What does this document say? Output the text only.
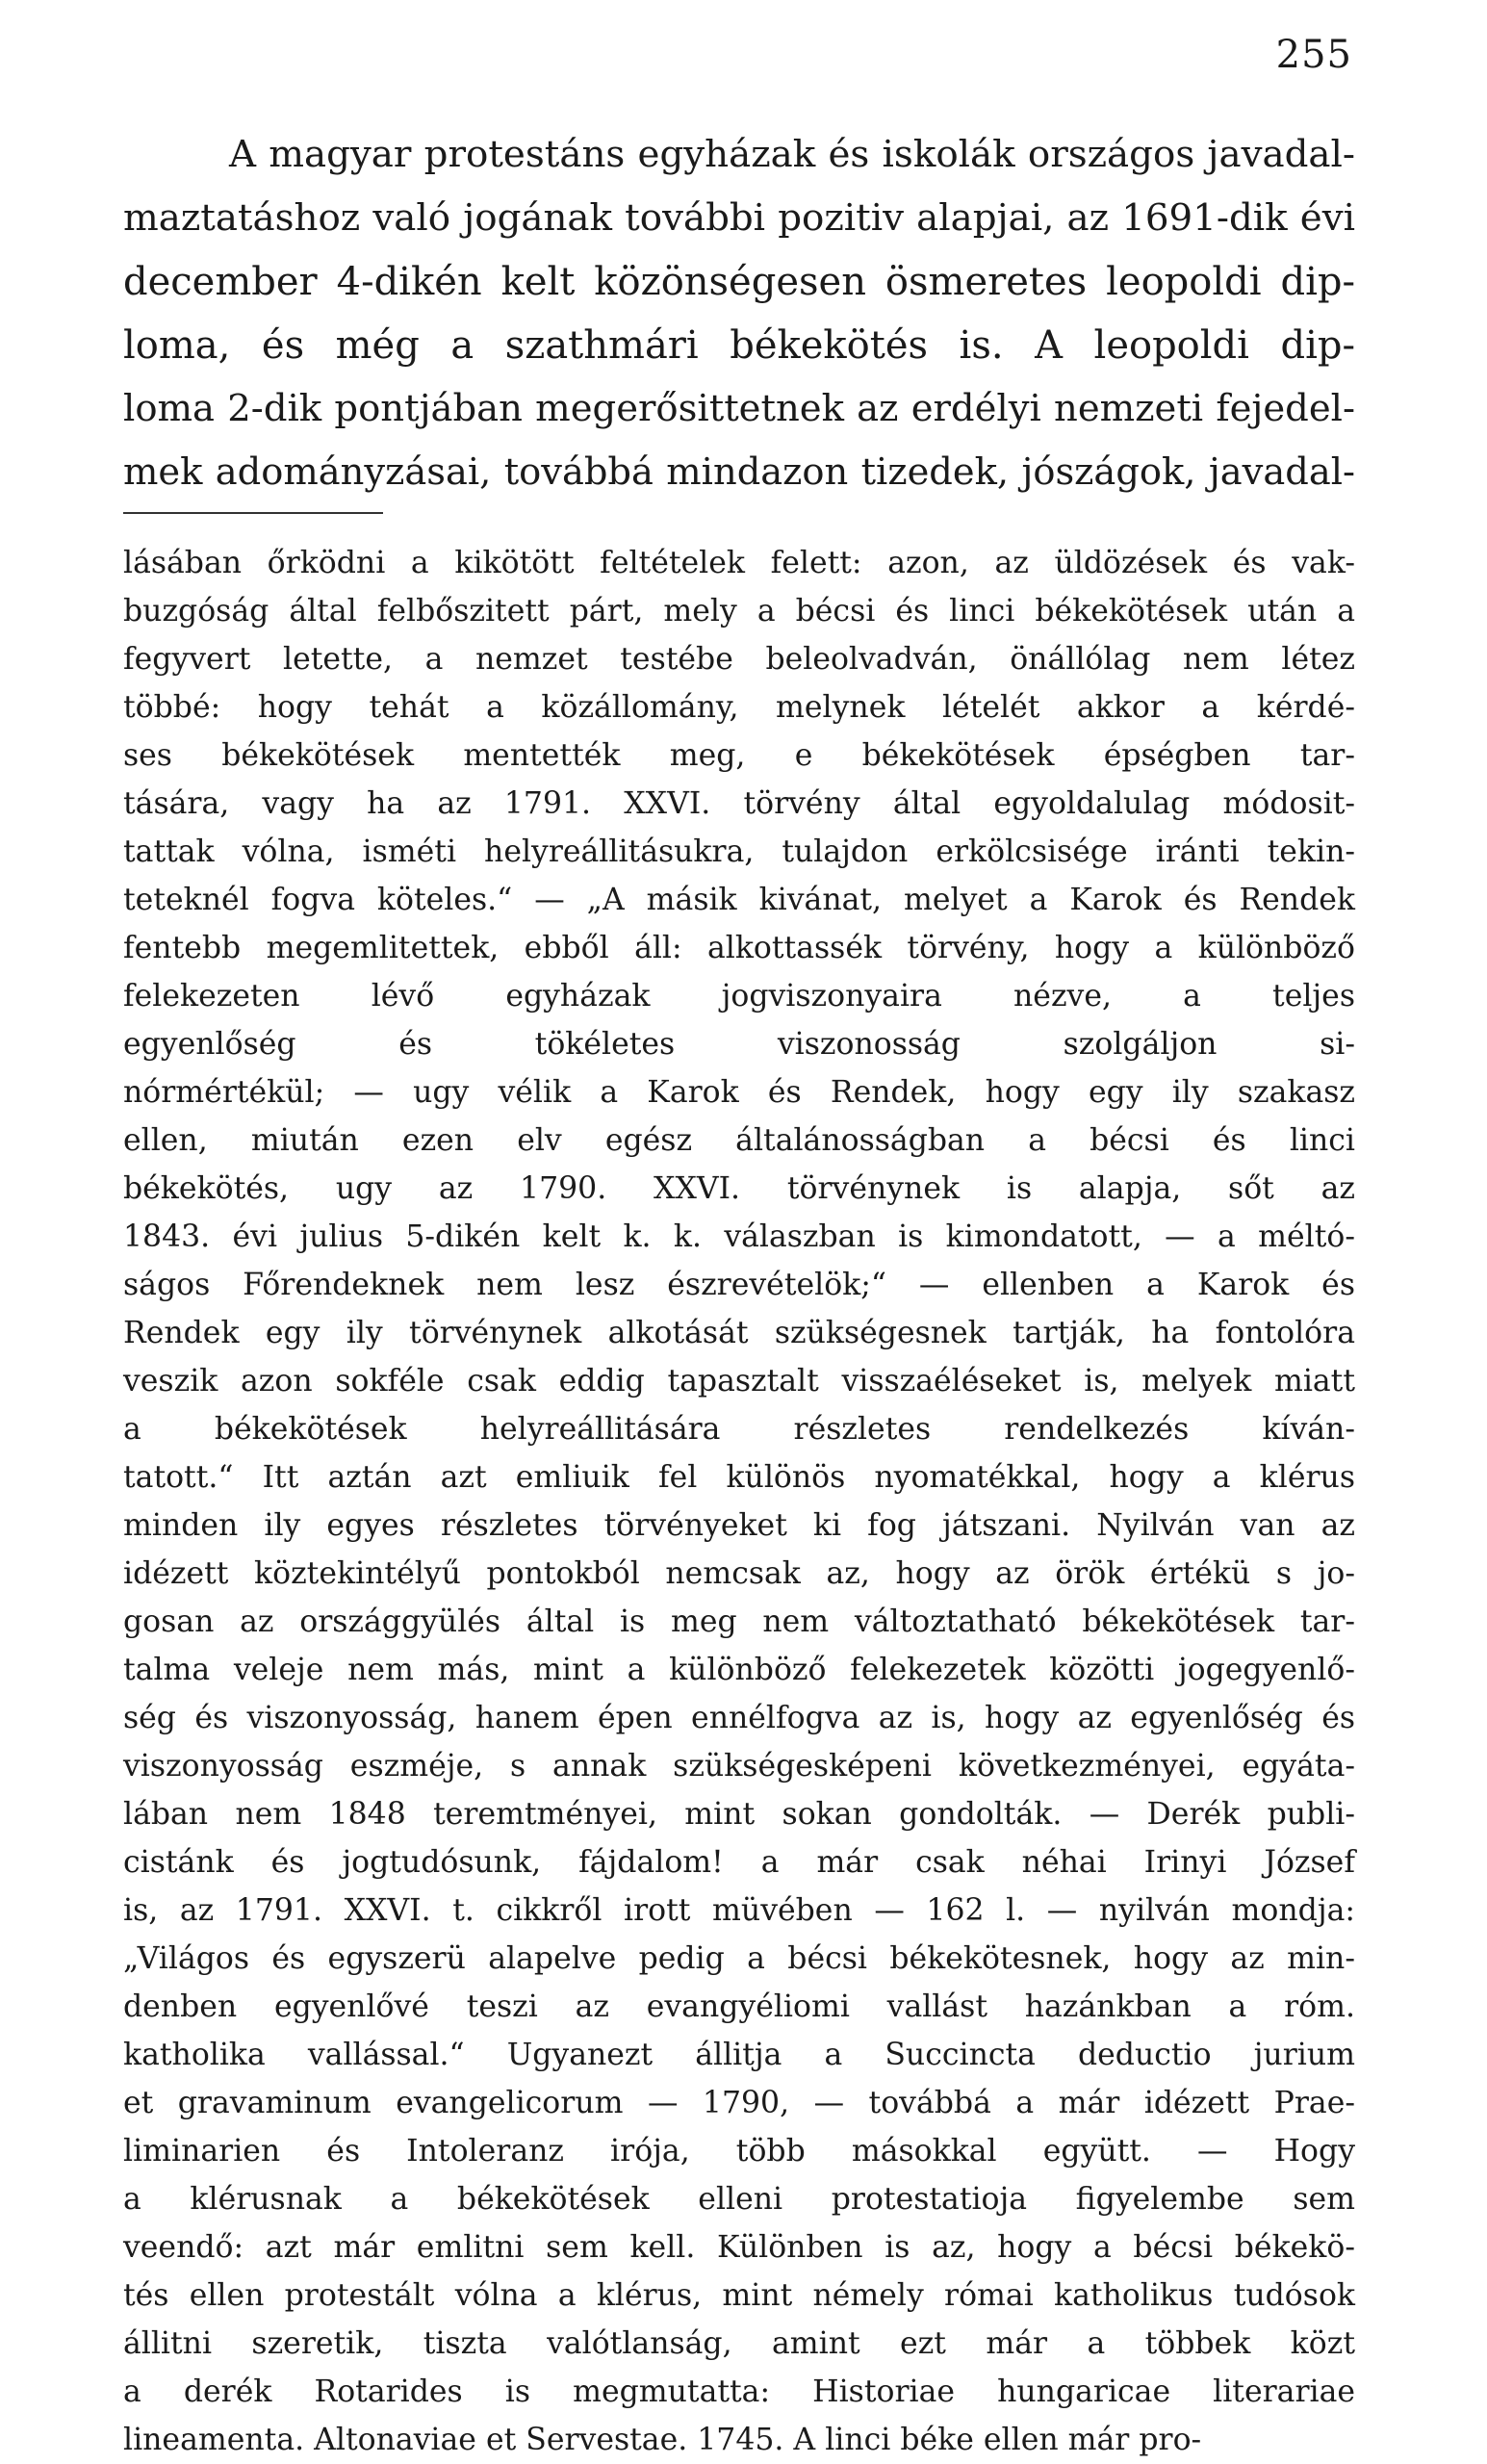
255
A magyar protestáns egyházak és iskolák országos javadal-
maztatáshoz való jogának további pozitiv alapjai, az 1691-dik évi
december 4-dikén kelt közönségesen ösmeretes leopoldi dip-
loma, és még a szathmári békekötés is. A leopoldi dip-
loma 2-dik pontjában megerősittetnek az erdélyi nemzeti fejedel-
mek adományzásai, továbbá mindazon tizedek, jószágok, javadal-
lásában őrködni a kikötött feltételek felett: azon, az üldözések és vak-
buzgóság által felbőszitett párt, mely a bécsi és linci békekötések után a
fegyvert letette, a nemzet testébe beleolvadván, önállólag nem létez
többé: hogy tehát a közállomány, melynek lételét akkor a kérdé-
ses békekötések mentették meg, e békekötések épségben tar-
tására, vagy ha az 1791. XXVI. törvény által egyoldalulag módosit-
tattak vólna, isméti helyreállitásukra, tulajdon erkölcsisége iránti tekin-
teteknél fogva köteles.“ — „A másik kivánat, melyet a Karok és Rendek
fentebb megemlitettek, ebből áll: alkottassék törvény, hogy a különböző
felekezeten lévő egyházak jogviszonyaira nézve, a teljes
egyenlőség és tökéletes viszonosság szolgáljon si-
nórmértékül; — ugy vélik a Karok és Rendek, hogy egy ily szakasz
ellen, miután ezen elv egész általánosságban a bécsi és linci
békekötés, ugy az 1790. XXVI. törvénynek is alapja, sőt az
1843. évi julius 5-dikén kelt k. k. válaszban is kimondatott, — a méltó-
ságos Főrendeknek nem lesz észrevételök;“ — ellenben a Karok és
Rendek egy ily törvénynek alkotását szükségesnek tartják, ha fontolóra
veszik azon sokféle csak eddig tapasztalt visszaéléseket is, melyek miatt
a békekötések helyreállitására részletes rendelkezés kíván-
tatott.“ Itt aztán azt emliuik fel különös nyomatékkal, hogy a klérus
minden ily egyes részletes törvényeket ki fog játszani. Nyilván van az
idézett köztekintélyű pontokból nemcsak az, hogy az örök értékü s jo-
gosan az országgyülés által is meg nem változtatható békekötések tar-
talma veleje nem más, mint a különböző felekezetek közötti jogegyenlő-
ség és viszonyosság, hanem épen ennélfogva az is, hogy az egyenlőség és
viszonyosság eszméje, s annak szükségesképeni következményei, egyáta-
lában nem 1848 teremtményei, mint sokan gondolták. — Derék publi-
cistánk és jogtudósunk, fájdalom! a már csak néhai Irinyi József
is, az 1791. XXVI. t. cikkről irott müvében — 162 l. — nyilván mondja:
„Világos és egyszerü alapelve pedig a bécsi békekötesnek, hogy az min-
denben egyenlővé teszi az evangyéliomi vallást hazánkban a róm.
katholika vallással.“ Ugyanezt állitja a Succincta deductio jurium
et gravaminum evangelicorum — 1790, — továbbá a már idézett Prae-
liminarien és Intoleranz irója, több másokkal együtt. — Hogy
a klérusnak a békekötések elleni protestatioja figyelembe sem
veendő: azt már emlitni sem kell. Különben is az, hogy a bécsi békekö-
tés ellen protestált vólna a klérus, mint némely római katholikus tudósok
állitni szeretik, tiszta valótlanság, amint ezt már a többek közt
a derék Rotarides is megmutatta: Historiae hungaricae literariae
lineamenta. Altonaviae et Servestae. 1745. A linci béke ellen már pro-
